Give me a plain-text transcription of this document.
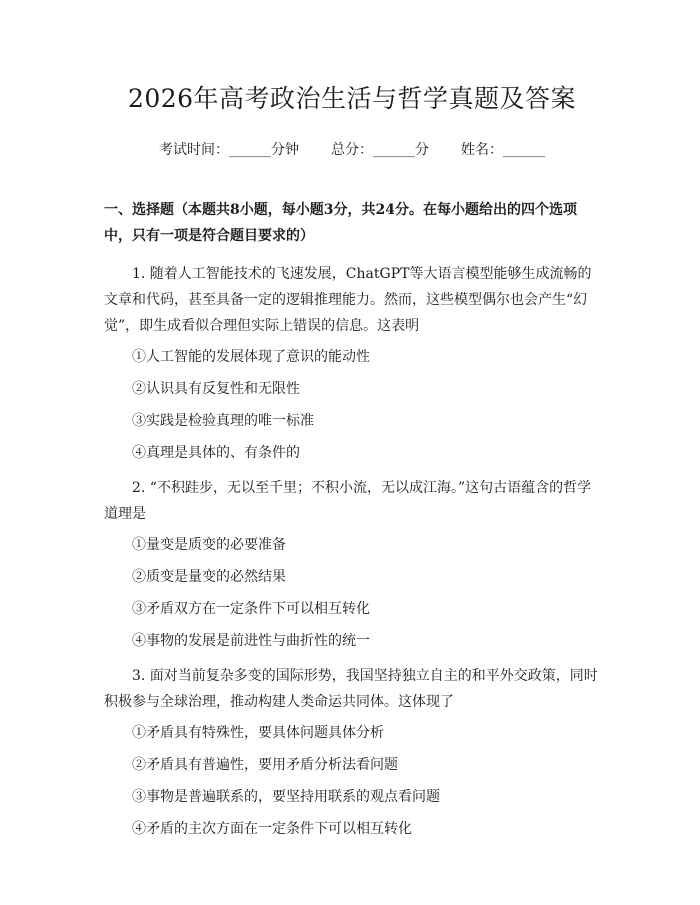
2026年高考政治生活与哲学真题及答案
考试时间：______分钟 总分：______分 姓名：______
一、选择题（本题共8小题，每小题3分，共24分。在每小题给出的四个选项中，只有一项是符合题目要求的）
1. 随着人工智能技术的飞速发展，ChatGPT等大语言模型能够生成流畅的文章和代码，甚至具备一定的逻辑推理能力。然而，这些模型偶尔也会产生“幻觉”，即生成看似合理但实际上错误的信息。这表明
①人工智能的发展体现了意识的能动性
②认识具有反复性和无限性
③实践是检验真理的唯一标准
④真理是具体的、有条件的
2. “不积跬步，无以至千里；不积小流，无以成江海。”这句古语蕴含的哲学道理是
①量变是质变的必要准备
②质变是量变的必然结果
③矛盾双方在一定条件下可以相互转化
④事物的发展是前进性与曲折性的统一
3. 面对当前复杂多变的国际形势，我国坚持独立自主的和平外交政策，同时积极参与全球治理，推动构建人类命运共同体。这体现了
①矛盾具有特殊性，要具体问题具体分析
②矛盾具有普遍性，要用矛盾分析法看问题
③事物是普遍联系的，要坚持用联系的观点看问题
④矛盾的主次方面在一定条件下可以相互转化
